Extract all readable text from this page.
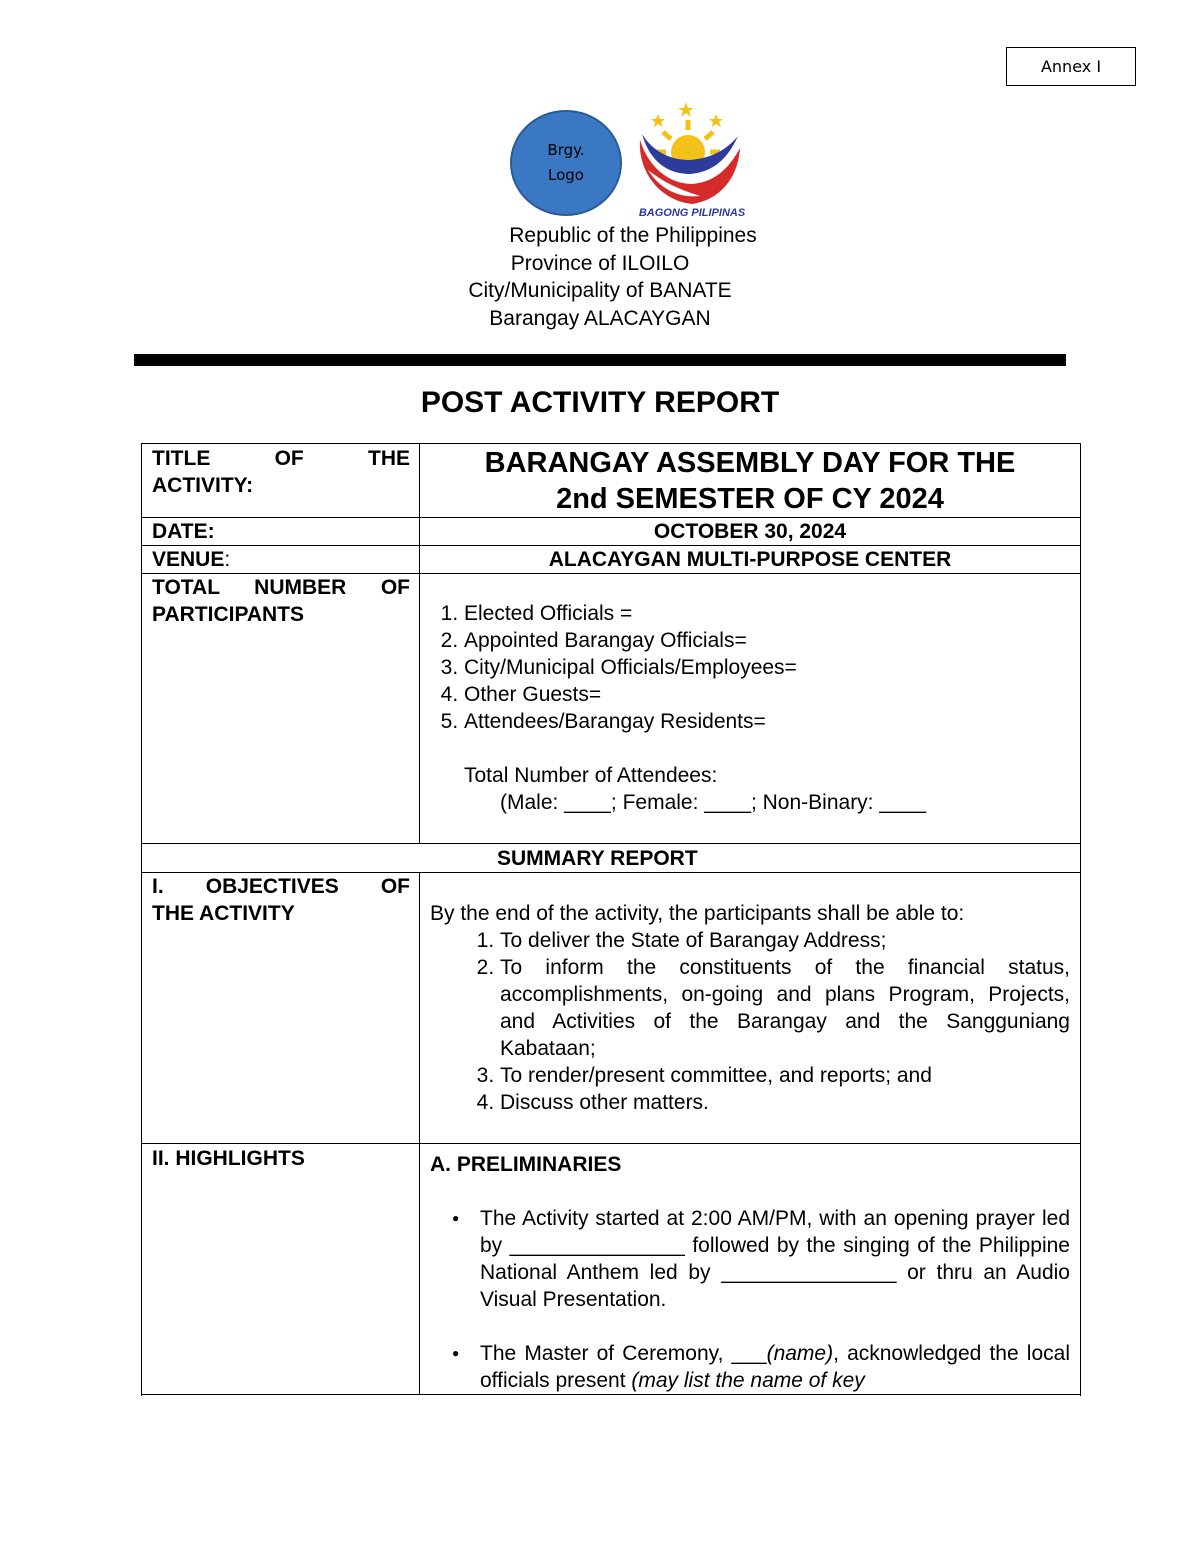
Annex I
Brgy.
Logo
BAGONG PILIPINAS
Republic of the Philippines
Province of ILOILO
City/Municipality of BANATE
Barangay ALACAYGAN
POST ACTIVITY REPORT
TITLE OF THE
ACTIVITY:
BARANGAY ASSEMBLY DAY FOR THE
2nd SEMESTER OF CY 2024
DATE:	OCTOBER 30, 2024
VENUE:	ALACAYGAN MULTI-PURPOSE CENTER
TOTAL NUMBER OF
PARTICIPANTS
1.	Elected Officials =
2. Appointed Barangay Officials=
3. City/Municipal Officials/Employees=
4. Other Guests=
5. Attendees/Barangay Residents=
Total Number of Attendees:
(Male: ____; Female: ____; Non-Binary: ____
SUMMARY REPORT
I. OBJECTIVES OF
THE ACTIVITY	By the end of the activity, the participants shall be able to:
1. To deliver the State of Barangay Address;
2. To inform the constituents of the financial status, accomplishments, on-going and plans Program, Projects, and Activities of the Barangay and the Sangguniang Kabataan;
3. To render/present committee, and reports; and
4. Discuss other matters.
II. HIGHLIGHTS	A. PRELIMINARIES
● The Activity started at 2:00 AM/PM, with an opening prayer led by _______________ followed by the singing of the Philippine National Anthem led by _______________ or thru an Audio Visual Presentation.
● The Master of Ceremony, ___(name), acknowledged the local officials present (may list the name of key
